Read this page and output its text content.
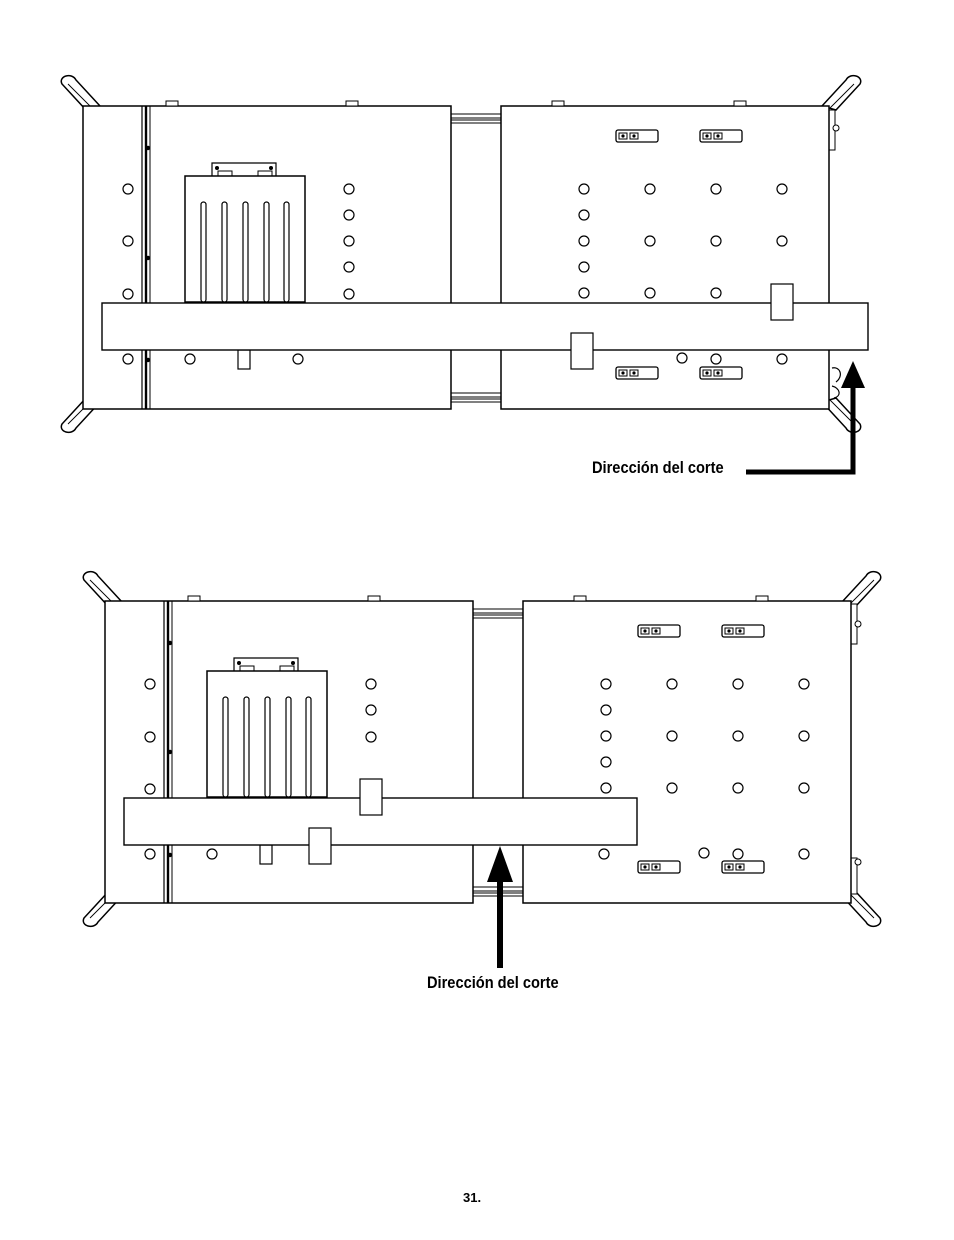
Dirección del corte
Dirección del corte
31.
